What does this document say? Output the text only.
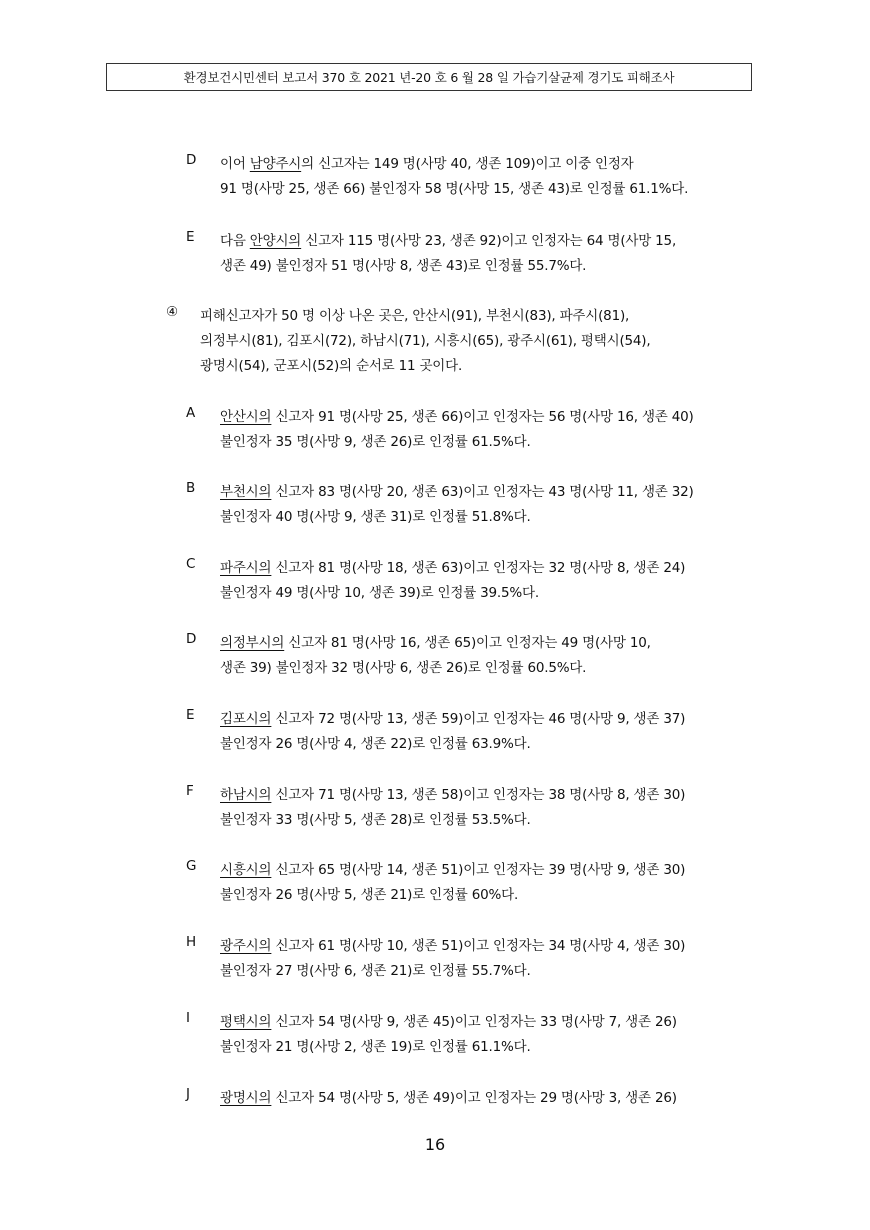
환경보건시민센터 보고서 370 호 2021 년-20 호 6 월 28 일 가습기살균제 경기도 피해조사
D 이어 남양주시의 신고자는 149 명(사망 40, 생존 109)이고 이중 인정자
91 명(사망 25, 생존 66) 불인정자 58 명(사망 15, 생존 43)로 인정률 61.1%다.
E 다음 안양시의 신고자 115 명(사망 23, 생존 92)이고 인정자는 64 명(사망 15,
생존 49) 불인정자 51 명(사망 8, 생존 43)로 인정률 55.7%다.
④ 피해신고자가 50 명 이상 나온 곳은, 안산시(91), 부천시(83), 파주시(81),
의정부시(81), 김포시(72), 하남시(71), 시흥시(65), 광주시(61), 평택시(54),
광명시(54), 군포시(52)의 순서로 11 곳이다.
A 안산시의 신고자 91 명(사망 25, 생존 66)이고 인정자는 56 명(사망 16, 생존 40)
불인정자 35 명(사망 9, 생존 26)로 인정률 61.5%다.
B 부천시의 신고자 83 명(사망 20, 생존 63)이고 인정자는 43 명(사망 11, 생존 32)
불인정자 40 명(사망 9, 생존 31)로 인정률 51.8%다.
C 파주시의 신고자 81 명(사망 18, 생존 63)이고 인정자는 32 명(사망 8, 생존 24)
불인정자 49 명(사망 10, 생존 39)로 인정률 39.5%다.
D 의정부시의 신고자 81 명(사망 16, 생존 65)이고 인정자는 49 명(사망 10,
생존 39) 불인정자 32 명(사망 6, 생존 26)로 인정률 60.5%다.
E 김포시의 신고자 72 명(사망 13, 생존 59)이고 인정자는 46 명(사망 9, 생존 37)
불인정자 26 명(사망 4, 생존 22)로 인정률 63.9%다.
F 하남시의 신고자 71 명(사망 13, 생존 58)이고 인정자는 38 명(사망 8, 생존 30)
불인정자 33 명(사망 5, 생존 28)로 인정률 53.5%다.
G 시흥시의 신고자 65 명(사망 14, 생존 51)이고 인정자는 39 명(사망 9, 생존 30)
불인정자 26 명(사망 5, 생존 21)로 인정률 60%다.
H 광주시의 신고자 61 명(사망 10, 생존 51)이고 인정자는 34 명(사망 4, 생존 30)
불인정자 27 명(사망 6, 생존 21)로 인정률 55.7%다.
I 평택시의 신고자 54 명(사망 9, 생존 45)이고 인정자는 33 명(사망 7, 생존 26)
불인정자 21 명(사망 2, 생존 19)로 인정률 61.1%다.
J 광명시의 신고자 54 명(사망 5, 생존 49)이고 인정자는 29 명(사망 3, 생존 26)
16
